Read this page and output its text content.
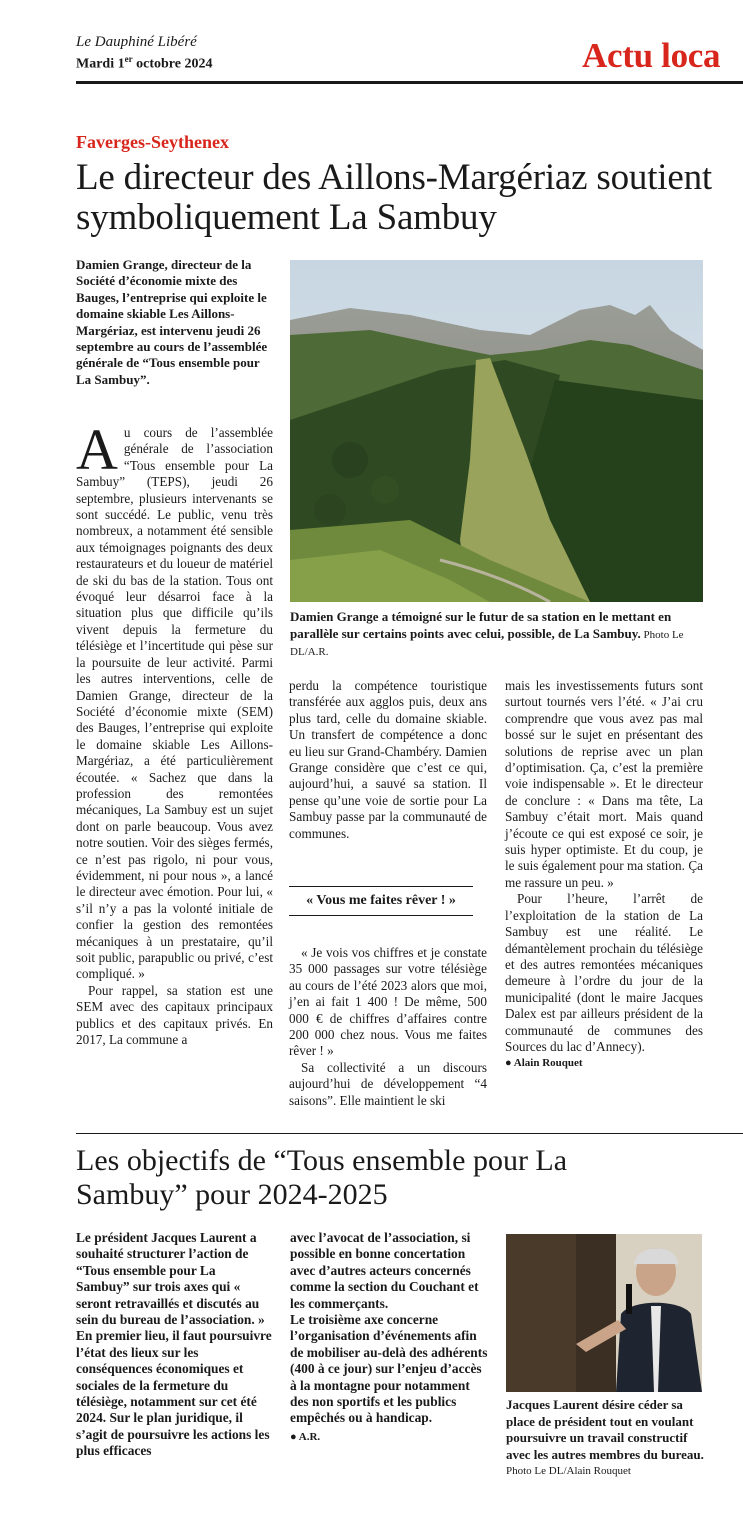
Le Dauphiné Libéré
Mardi 1er octobre 2024	Actu loca
Faverges-Seythenex
Le directeur des Aillons-Margériaz soutient symboliquement La Sambuy
Damien Grange, directeur de la Société d’économie mixte des Bauges, l’entreprise qui exploite le domaine skiable Les Aillons-Margériaz, est intervenu jeudi 26 septembre au cours de l’assemblée générale de “Tous ensemble pour La Sambuy”.
Damien Grange a témoigné sur le futur de sa station en le mettant en parallèle sur certains points avec celui, possible, de La Sambuy. Photo Le DL/A.R.

Au cours de l’assemblée générale de l’association “Tous ensemble pour La Sambuy” (TEPS), jeudi 26 septembre, plusieurs intervenants se sont succédé. Le public, venu très nombreux, a notamment été sensible aux témoignages poignants des deux restaurateurs et du loueur de matériel de ski du bas de la station. Tous ont évoqué leur désarroi face à la situation plus que difficile qu’ils vivent depuis la fermeture du télésiège et l’incertitude qui pèse sur la poursuite de leur activité. Parmi les autres interventions, celle de Damien Grange, directeur de la Société d’économie mixte (SEM) des Bauges, l’entreprise qui exploite le domaine skiable Les Aillons-Margériaz, a été particulièrement écoutée. « Sachez que dans la profession des remontées mécaniques, La Sambuy est un sujet dont on parle beaucoup. Vous avez notre soutien. Voir des sièges fermés, ce n’est pas rigolo, ni pour vous, évidemment, ni pour nous », a lancé le directeur avec émotion. Pour lui, « s’il n’y a pas la volonté initiale de confier la gestion des remontées mécaniques à un prestataire, qu’il soit public, parapublic ou privé, c’est compliqué. »

Pour rappel, sa station est une SEM avec des capitaux principaux publics et des capitaux privés. En 2017, La commune a

perdu la compétence touristique transférée aux agglos puis, deux ans plus tard, celle du domaine skiable. Un transfert de compétence a donc eu lieu sur Grand-Chambéry. Damien Grange considère que c’est ce qui, aujourd’hui, a sauvé sa station. Il pense qu’une voie de sortie pour La Sambuy passe par la communauté de communes.

« Vous me faites rêver ! »

« Je vois vos chiffres et je constate 35 000 passages sur votre télésiège au cours de l’été 2023 alors que moi, j’en ai fait 1 400 ! De même, 500 000 € de chiffres d’affaires contre 200 000 chez nous. Vous me faites rêver ! »

Sa collectivité a un discours aujourd’hui de développement “4 saisons”. Elle maintient le ski

mais les investissements futurs sont surtout tournés vers l’été. « J’ai cru comprendre que vous avez pas mal bossé sur le sujet en présentant des solutions de reprise avec un plan d’optimisation. Ça, c’est la première voie indispensable ». Et le directeur de conclure : « Dans ma tête, La Sambuy c’était mort. Mais quand j’écoute ce qui est exposé ce soir, je suis hyper optimiste. Et du coup, je le suis également pour ma station. Ça me rassure un peu. »

Pour l’heure, l’arrêt de l’exploitation de la station de La Sambuy est une réalité. Le démantèlement prochain du télésiège et des autres remontées mécaniques demeure à l’ordre du jour de la municipalité (dont le maire Jacques Dalex est par ailleurs président de la communauté de communes des Sources du lac d’Annecy).

● Alain Rouquet

Les objectifs de “Tous ensemble pour La Sambuy” pour 2024-2025
Le président Jacques Laurent a souhaité structurer l’action de “Tous ensemble pour La Sambuy” sur trois axes qui « seront retravaillés et discutés au sein du bureau de l’association. » En premier lieu, il faut poursuivre l’état des lieux sur les conséquences économiques et sociales de la fermeture du télésiège, notamment sur cet été 2024. Sur le plan juridique, il s’agit de poursuivre les actions les plus efficaces
avec l’avocat de l’association, si possible en bonne concertation avec d’autres acteurs concernés comme la section du Couchant et les commerçants.
Le troisième axe concerne l’organisation d’événements afin de mobiliser au-delà des adhérents (400 à ce jour) sur l’enjeu d’accès à la montagne pour notamment des non sportifs et les publics empêchés ou à handicap.
● A.R.
Jacques Laurent désire céder sa place de président tout en voulant poursuivre un travail constructif avec les autres membres du bureau.
Photo Le DL/Alain Rouquet
